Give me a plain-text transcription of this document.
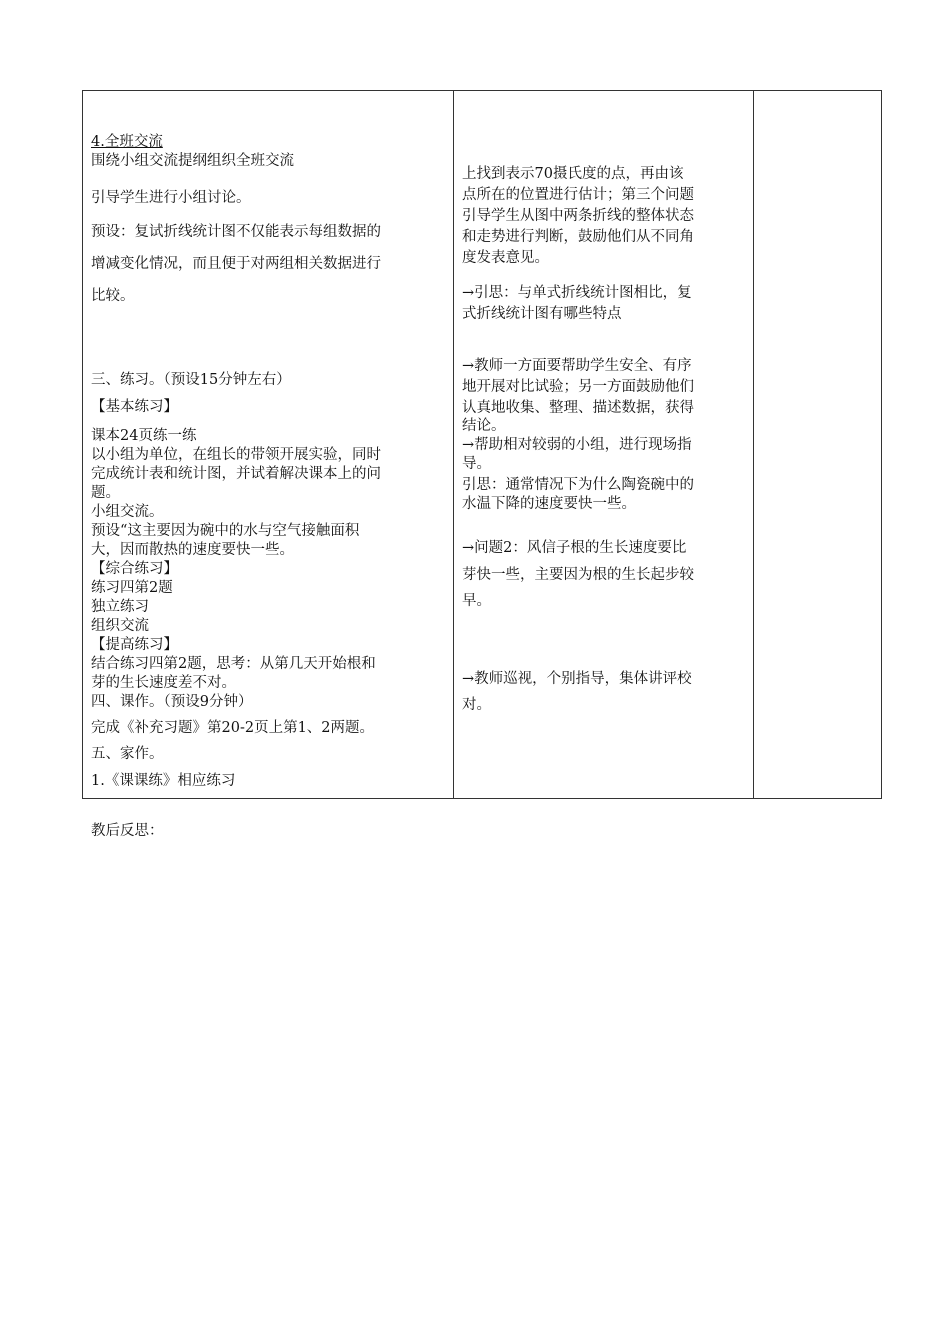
4.全班交流
围绕小组交流提纲组织全班交流
引导学生进行小组讨论。
预设：复试折线统计图不仅能表示每组数据的
增减变化情况，而且便于对两组相关数据进行
比较。
三、练习。（预设15分钟左右）
【基本练习】
课本24页练一练
以小组为单位，在组长的带领开展实验，同时
完成统计表和统计图，并试着解决课本上的问
题。
小组交流。
预设“这主要因为碗中的水与空气接触面积
大，因而散热的速度要快一些。
【综合练习】
练习四第2题
独立练习
组织交流
【提高练习】
结合练习四第2题，思考：从第几天开始根和
芽的生长速度差不对。
四、课作。（预设9分钟）
完成《补充习题》第20-2页上第1、2两题。
五、家作。
1.《课课练》相应练习
上找到表示70摄氏度的点，再由该
点所在的位置进行估计；第三个问题
引导学生从图中两条折线的整体状态
和走势进行判断，鼓励他们从不同角
度发表意见。
→引思：与单式折线统计图相比，复
式折线统计图有哪些特点
→教师一方面要帮助学生安全、有序
地开展对比试验；另一方面鼓励他们
认真地收集、整理、描述数据，获得
结论。
→帮助相对较弱的小组，进行现场指
导。
引思：通常情况下为什么陶瓷碗中的
水温下降的速度要快一些。
→问题2：风信子根的生长速度要比
芽快一些，主要因为根的生长起步较
早。
→教师巡视，个别指导，集体讲评校
对。
教后反思：
